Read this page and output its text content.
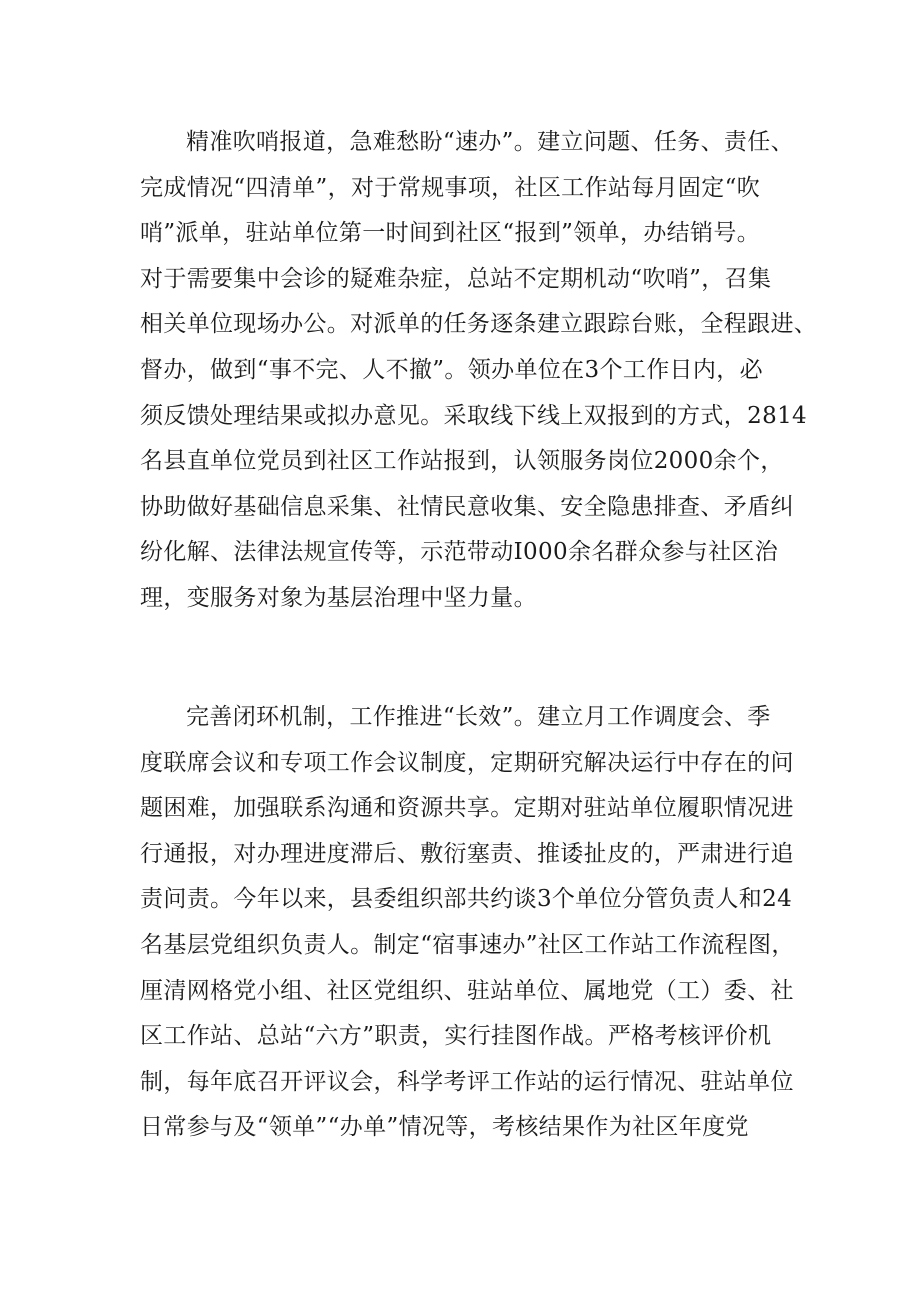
精准吹哨报道，急难愁盼“速办”。建立问题、任务、责任、
完成情况“四清单”，对于常规事项，社区工作站每月固定“吹
哨”派单，驻站单位第一时间到社区“报到”领单，办结销号。
对于需要集中会诊的疑难杂症，总站不定期机动“吹哨”，召集
相关单位现场办公。对派单的任务逐条建立跟踪台账，全程跟进、
督办，做到“事不完、人不撤”。领办单位在3个工作日内，必
须反馈处理结果或拟办意见。采取线下线上双报到的方式，2814
名县直单位党员到社区工作站报到，认领服务岗位2000余个，
协助做好基础信息采集、社情民意收集、安全隐患排查、矛盾纠
纷化解、法律法规宣传等，示范带动I000余名群众参与社区治
理，变服务对象为基层治理中坚力量。
完善闭环机制，工作推进“长效”。建立月工作调度会、季
度联席会议和专项工作会议制度，定期研究解决运行中存在的问
题困难，加强联系沟通和资源共享。定期对驻站单位履职情况进
行通报，对办理进度滞后、敷衍塞责、推诿扯皮的，严肃进行追
责问责。今年以来，县委组织部共约谈3个单位分管负责人和24
名基层党组织负责人。制定“宿事速办”社区工作站工作流程图，
厘清网格党小组、社区党组织、驻站单位、属地党（工）委、社
区工作站、总站“六方”职责，实行挂图作战。严格考核评价机
制，每年底召开评议会，科学考评工作站的运行情况、驻站单位
日常参与及“领单”“办单”情况等，考核结果作为社区年度党
